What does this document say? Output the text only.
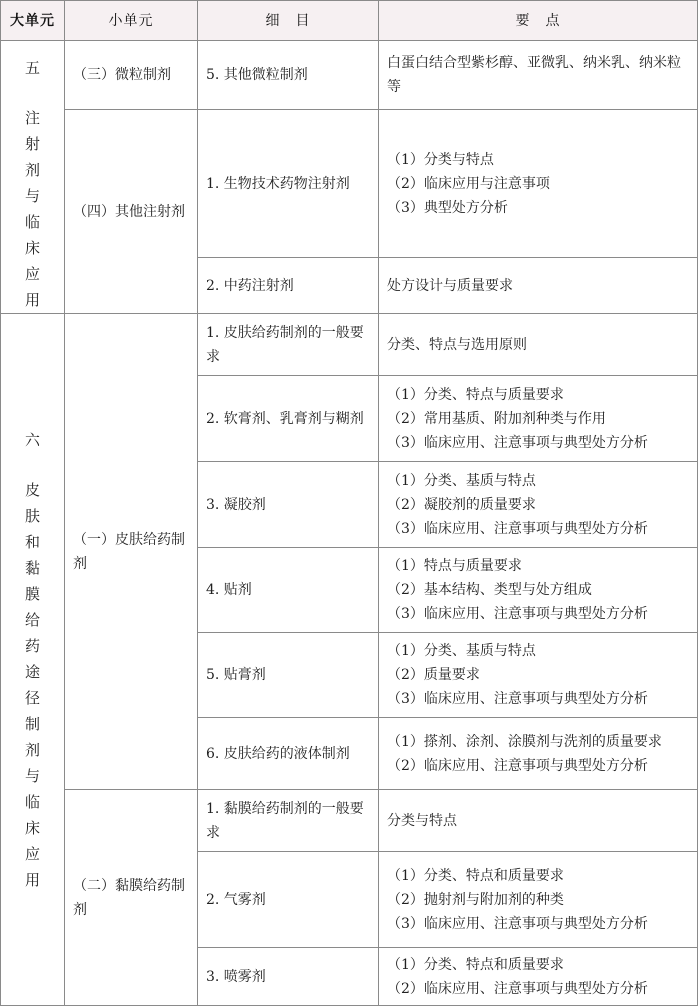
大单元	小单元	细　目	要　点

五
注射剂与临床应用	（三）微粒制剂	5. 其他微粒制剂	白蛋白结合型紫杉醇、亚微乳、纳米乳、纳米粒等

	（四）其他注射剂	1. 生物技术药物注射剂	（1）分类与特点
（2）临床应用与注意事项
（3）典型处方分析

		2. 中药注射剂	处方设计与质量要求

六
皮肤和黏膜给药途径制剂与临床应用	（一）皮肤给药制剂	1. 皮肤给药制剂的一般要求	分类、特点与选用原则

		2. 软膏剂、乳膏剂与糊剂	（1）分类、特点与质量要求
（2）常用基质、附加剂种类与作用
（3）临床应用、注意事项与典型处方分析

		3. 凝胶剂	（1）分类、基质与特点
（2）凝胶剂的质量要求
（3）临床应用、注意事项与典型处方分析

		4. 贴剂	（1）特点与质量要求
（2）基本结构、类型与处方组成
（3）临床应用、注意事项与典型处方分析

		5. 贴膏剂	（1）分类、基质与特点
（2）质量要求
（3）临床应用、注意事项与典型处方分析

		6. 皮肤给药的液体制剂	（1）搽剂、涂剂、涂膜剂与洗剂的质量要求
（2）临床应用、注意事项与典型处方分析

	（二）黏膜给药制剂	1. 黏膜给药制剂的一般要求	分类与特点

		2. 气雾剂	（1）分类、特点和质量要求
（2）抛射剂与附加剂的种类
（3）临床应用、注意事项与典型处方分析

		3. 喷雾剂	（1）分类、特点和质量要求
（2）临床应用、注意事项与典型处方分析
